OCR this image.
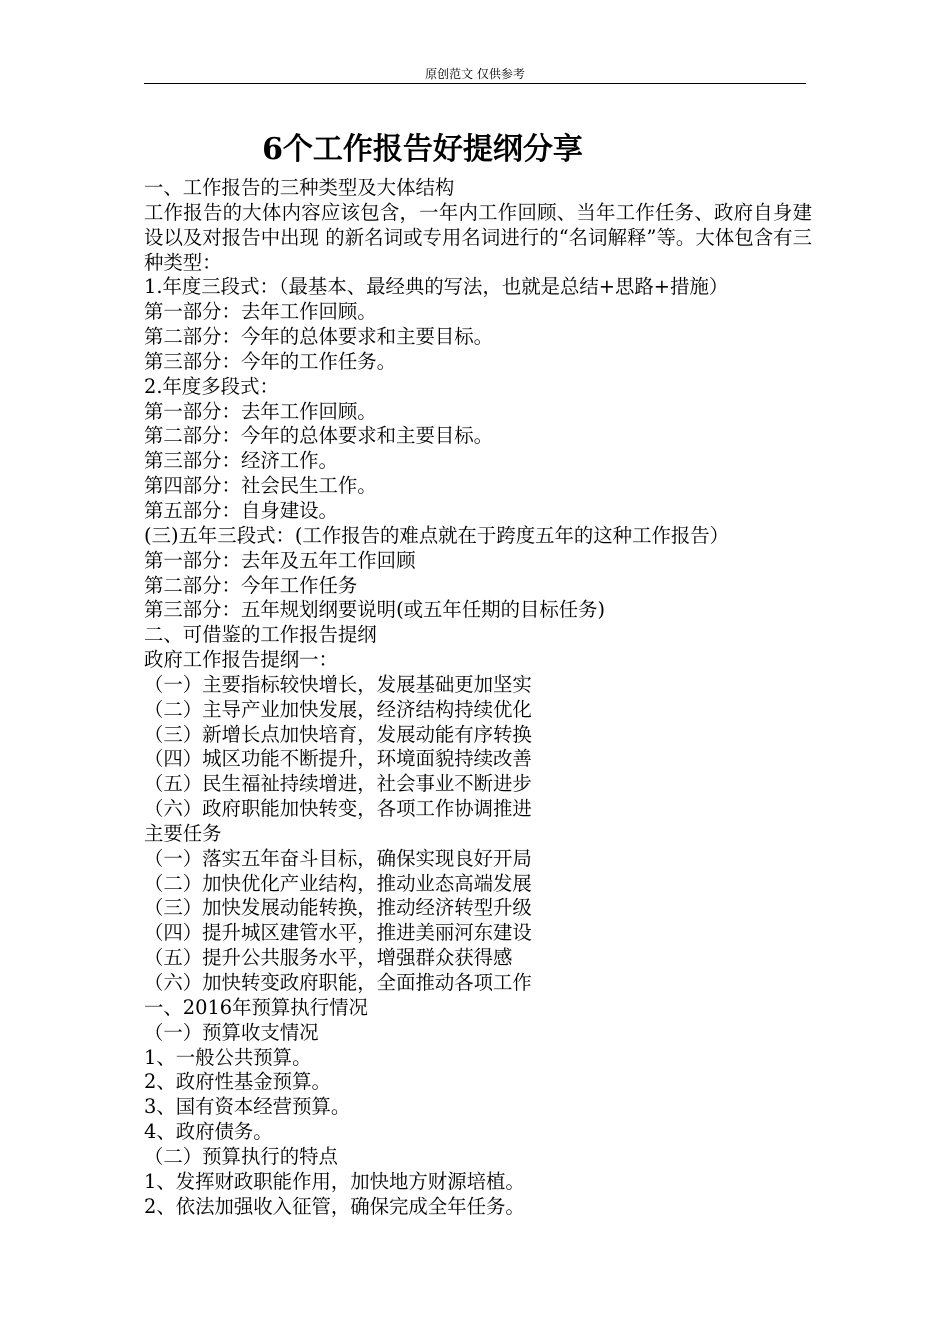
原创范文 仅供参考
6个工作报告好提纲分享
一、工作报告的三种类型及大体结构
工作报告的大体内容应该包含，一年内工作回顾、当年工作任务、政府自身建设以及对报告中出现 的新名词或专用名词进行的“名词解释”等。大体包含有三种类型：
1.年度三段式：（最基本、最经典的写法，也就是总结+思路+措施）
第一部分：去年工作回顾。
第二部分：今年的总体要求和主要目标。
第三部分：今年的工作任务。
2.年度多段式：
第一部分：去年工作回顾。
第二部分：今年的总体要求和主要目标。
第三部分：经济工作。
第四部分：社会民生工作。
第五部分：自身建设。
(三)五年三段式：(工作报告的难点就在于跨度五年的这种工作报告）
第一部分：去年及五年工作回顾
第二部分：今年工作任务
第三部分：五年规划纲要说明(或五年任期的目标任务)
二、可借鉴的工作报告提纲
政府工作报告提纲一：
（一）主要指标较快增长，发展基础更加坚实
（二）主导产业加快发展，经济结构持续优化
（三）新增长点加快培育，发展动能有序转换
（四）城区功能不断提升，环境面貌持续改善
（五）民生福祉持续增进，社会事业不断进步
（六）政府职能加快转变，各项工作协调推进
主要任务
（一）落实五年奋斗目标，确保实现良好开局
（二）加快优化产业结构，推动业态高端发展
（三）加快发展动能转换，推动经济转型升级
（四）提升城区建管水平，推进美丽河东建设
（五）提升公共服务水平，增强群众获得感
（六）加快转变政府职能，全面推动各项工作
一、2016年预算执行情况
（一）预算收支情况
1、一般公共预算。
2、政府性基金预算。
3、国有资本经营预算。
4、政府债务。
（二）预算执行的特点
1、发挥财政职能作用，加快地方财源培植。
2、依法加强收入征管，确保完成全年任务。
